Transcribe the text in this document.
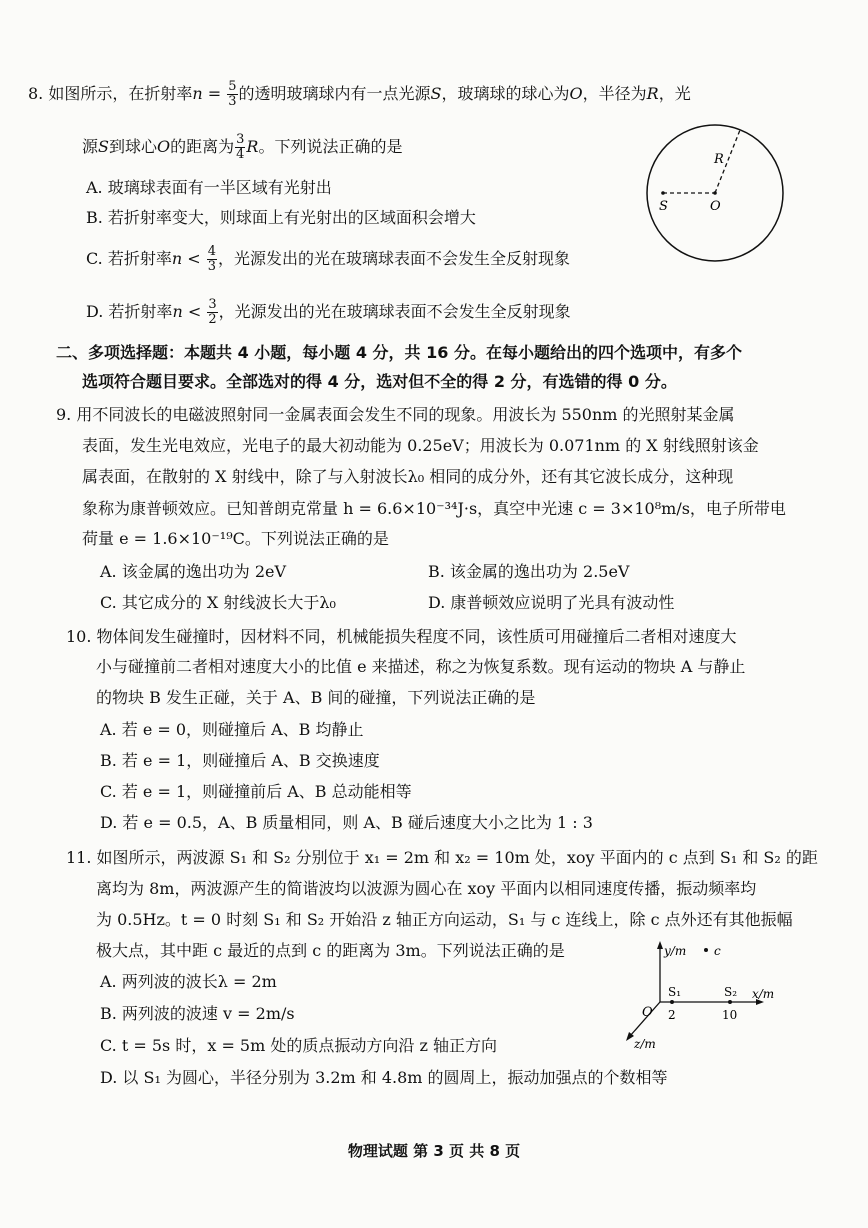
8. 如图所示，在折射率$n = \frac{5}{3}$ 的透明玻璃球内有一点光源S，玻璃球的球心为O，半径为R，光
源S到球心O的距离为 $\frac{3}{4}$ R。下列说法正确的是
A. 玻璃球表面有一半区域有光射出
B. 若折射率变大，则球面上有光射出的区域面积会增大
C. 若折射率$n < \frac{4}{3}$ ，光源发出的光在玻璃球表面不会发生全反射现象
D. 若折射率$n < \frac{3}{2}$ ，光源发出的光在玻璃球表面不会发生全反射现象
R
S	O
二、多项选择题：本题共 4 小题，每小题 4 分，共 16 分。在每小题给出的四个选项中，有多个
选项符合题目要求。全部选对的得 4 分，选对但不全的得 2 分，有选错的得 0 分。
9. 用不同波长的电磁波照射同一金属表面会发生不同的现象。用波长为 550nm 的光照射某金属
表面，发生光电效应，光电子的最大初动能为 0.25eV；用波长为 0.071nm 的 X 射线照射该金
属表面，在散射的 X 射线中，除了与入射波长λ₀ 相同的成分外，还有其它波长成分，这种现
象称为康普顿效应。已知普朗克常量 h = 6.6×10⁻³⁴J·s，真空中光速 c = 3×10⁸m/s，电子所带电
荷量 e = 1.6×10⁻¹⁹C。下列说法正确的是
A. 该金属的逸出功为 2eV	B. 该金属的逸出功为 2.5eV
C. 其它成分的 X 射线波长大于λ₀	D. 康普顿效应说明了光具有波动性
10. 物体间发生碰撞时，因材料不同，机械能损失程度不同，该性质可用碰撞后二者相对速度大
小与碰撞前二者相对速度大小的比值 e 来描述，称之为恢复系数。现有运动的物块 A 与静止
的物块 B 发生正碰，关于 A、B 间的碰撞，下列说法正确的是
A. 若 e = 0，则碰撞后 A、B 均静止
B. 若 e = 1，则碰撞后 A、B 交换速度
C. 若 e = 1，则碰撞前后 A、B 总动能相等
D. 若 e = 0.5，A、B 质量相同，则 A、B 碰后速度大小之比为 1 : 3
11. 如图所示，两波源 S₁ 和 S₂ 分别位于 x₁ = 2m 和 x₂ = 10m 处，xoy 平面内的 c 点到 S₁ 和 S₂ 的距
离均为 8m，两波源产生的简谐波均以波源为圆心在 xoy 平面内以相同速度传播，振动频率均
为 0.5Hz。t = 0 时刻 S₁ 和 S₂ 开始沿 z 轴正方向运动，S₁ 与 c 连线上，除 c 点外还有其他振幅
极大点，其中距 c 最近的点到 c 的距离为 3m。下列说法正确的是
A. 两列波的波长λ = 2m
B. 两列波的波速 v = 2m/s
C. t = 5s 时，x = 5m 处的质点振动方向沿 z 轴正方向
D. 以 S₁ 为圆心，半径分别为 3.2m 和 4.8m 的圆周上，振动加强点的个数相等
y/m c
x/m
O
S₁	S₂
2	10
z/m
物理试题 第 3 页 共 8 页
